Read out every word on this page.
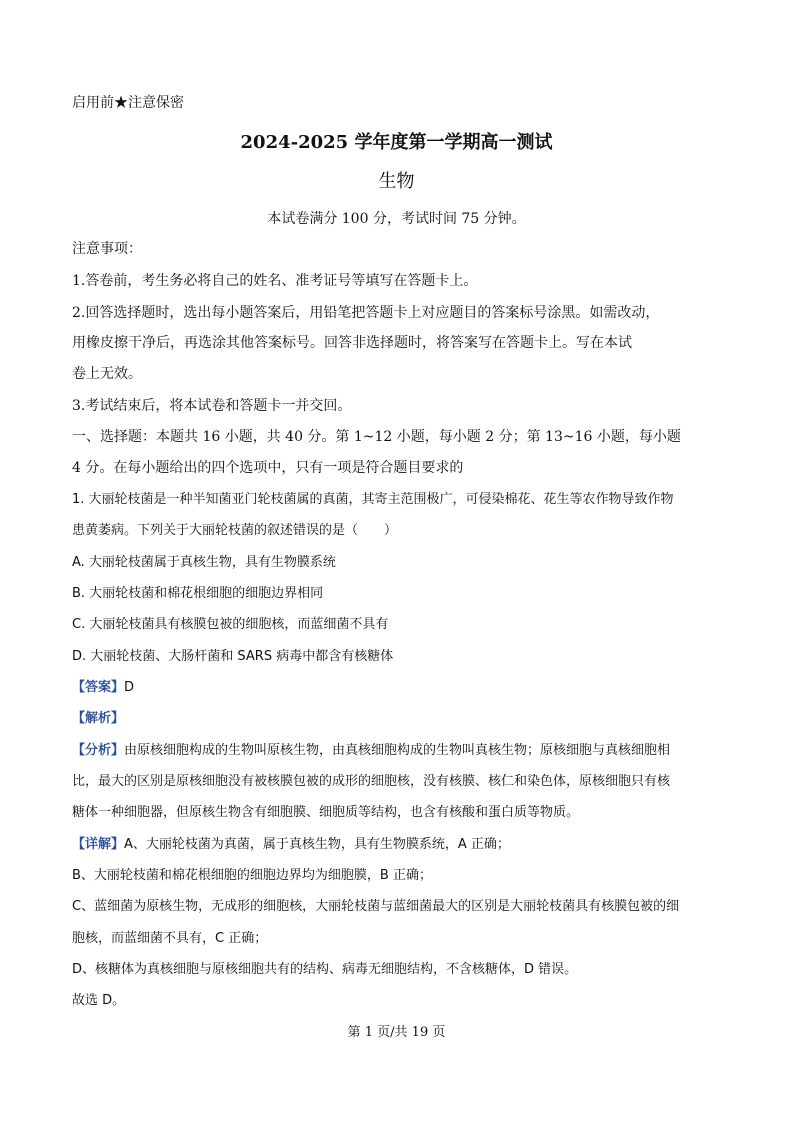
启用前★注意保密
2024-2025 学年度第一学期高一测试
生物
本试卷满分 100 分，考试时间 75 分钟。
注意事项：
1.答卷前，考生务必将自己的姓名、准考证号等填写在答题卡上。
2.回答选择题时，选出每小题答案后，用铅笔把答题卡上对应题目的答案标号涂黑。如需改动，
用橡皮擦干净后，再选涂其他答案标号。回答非选择题时，将答案写在答题卡上。写在本试
卷上无效。
3.考试结束后，将本试卷和答题卡一并交回。
一、选择题：本题共 16 小题，共 40 分。第 1~12 小题，每小题 2 分；第 13~16 小题，每小题
4 分。在每小题给出的四个选项中，只有一项是符合题目要求的
1. 大丽轮枝菌是一种半知菌亚门轮枝菌属的真菌，其寄主范围极广，可侵染棉花、花生等农作物导致作物
患黄萎病。下列关于大丽轮枝菌的叙述错误的是（　　）
A. 大丽轮枝菌属于真核生物，具有生物膜系统
B. 大丽轮枝菌和棉花根细胞的细胞边界相同
C. 大丽轮枝菌具有核膜包被的细胞核，而蓝细菌不具有
D. 大丽轮枝菌、大肠杆菌和 SARS 病毒中都含有核糖体
【答案】D
【解析】
【分析】由原核细胞构成的生物叫原核生物，由真核细胞构成的生物叫真核生物；原核细胞与真核细胞相
比，最大的区别是原核细胞没有被核膜包被的成形的细胞核，没有核膜、核仁和染色体，原核细胞只有核
糖体一种细胞器，但原核生物含有细胞膜、细胞质等结构，也含有核酸和蛋白质等物质。
【详解】A、大丽轮枝菌为真菌，属于真核生物，具有生物膜系统，A 正确；
B、大丽轮枝菌和棉花根细胞的细胞边界均为细胞膜，B 正确；
C、蓝细菌为原核生物，无成形的细胞核，大丽轮枝菌与蓝细菌最大的区别是大丽轮枝菌具有核膜包被的细
胞核，而蓝细菌不具有，C 正确；
D、核糖体为真核细胞与原核细胞共有的结构、病毒无细胞结构，不含核糖体，D 错误。
故选 D。
第 1 页/共 19 页
